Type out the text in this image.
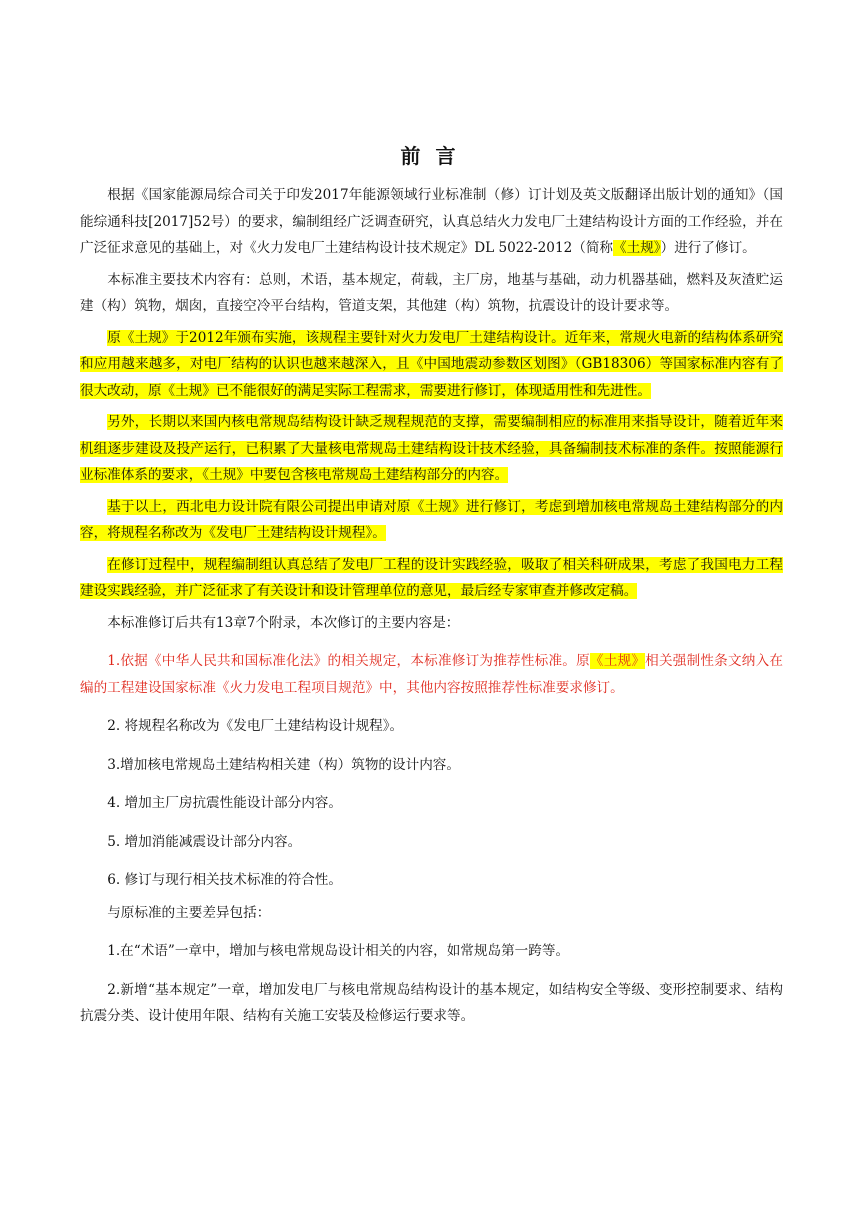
前 言

根据《国家能源局综合司关于印发2017年能源领域行业标准制（修）订计划及英文版翻译出版计划的通知》（国能综通科技[2017]52号）的要求，编制组经广泛调查研究，认真总结火力发电厂土建结构设计方面的工作经验，并在广泛征求意见的基础上，对《火力发电厂土建结构设计技术规定》DL 5022-2012（简称《土规》）进行了修订。

本标准主要技术内容有：总则，术语，基本规定，荷载，主厂房，地基与基础，动力机器基础，燃料及灰渣贮运建（构）筑物，烟囱，直接空冷平台结构，管道支架，其他建（构）筑物，抗震设计的设计要求等。

原《土规》于2012年颁布实施，该规程主要针对火力发电厂土建结构设计。近年来，常规火电新的结构体系研究和应用越来越多，对电厂结构的认识也越来越深入，且《中国地震动参数区划图》（GB18306）等国家标准内容有了很大改动，原《土规》已不能很好的满足实际工程需求，需要进行修订，体现适用性和先进性。

另外，长期以来国内核电常规岛结构设计缺乏规程规范的支撑，需要编制相应的标准用来指导设计，随着近年来机组逐步建设及投产运行，已积累了大量核电常规岛土建结构设计技术经验，具备编制技术标准的条件。按照能源行业标准体系的要求，《土规》中要包含核电常规岛土建结构部分的内容。

基于以上，西北电力设计院有限公司提出申请对原《土规》进行修订，考虑到增加核电常规岛土建结构部分的内容，将规程名称改为《发电厂土建结构设计规程》。

在修订过程中，规程编制组认真总结了发电厂工程的设计实践经验，吸取了相关科研成果，考虑了我国电力工程建设实践经验，并广泛征求了有关设计和设计管理单位的意见，最后经专家审查并修改定稿。

本标准修订后共有13章7个附录，本次修订的主要内容是：

1.依据《中华人民共和国标准化法》的相关规定，本标准修订为推荐性标准。原《土规》相关强制性条文纳入在编的工程建设国家标准《火力发电工程项目规范》中，其他内容按照推荐性标准要求修订。

2. 将规程名称改为《发电厂土建结构设计规程》。

3.增加核电常规岛土建结构相关建（构）筑物的设计内容。

4. 增加主厂房抗震性能设计部分内容。

5. 增加消能减震设计部分内容。

6. 修订与现行相关技术标准的符合性。

与原标准的主要差异包括：

1.在“术语”一章中，增加与核电常规岛设计相关的内容，如常规岛第一跨等。

2.新增“基本规定”一章，增加发电厂与核电常规岛结构设计的基本规定，如结构安全等级、变形控制要求、结构抗震分类、设计使用年限、结构有关施工安装及检修运行要求等。
